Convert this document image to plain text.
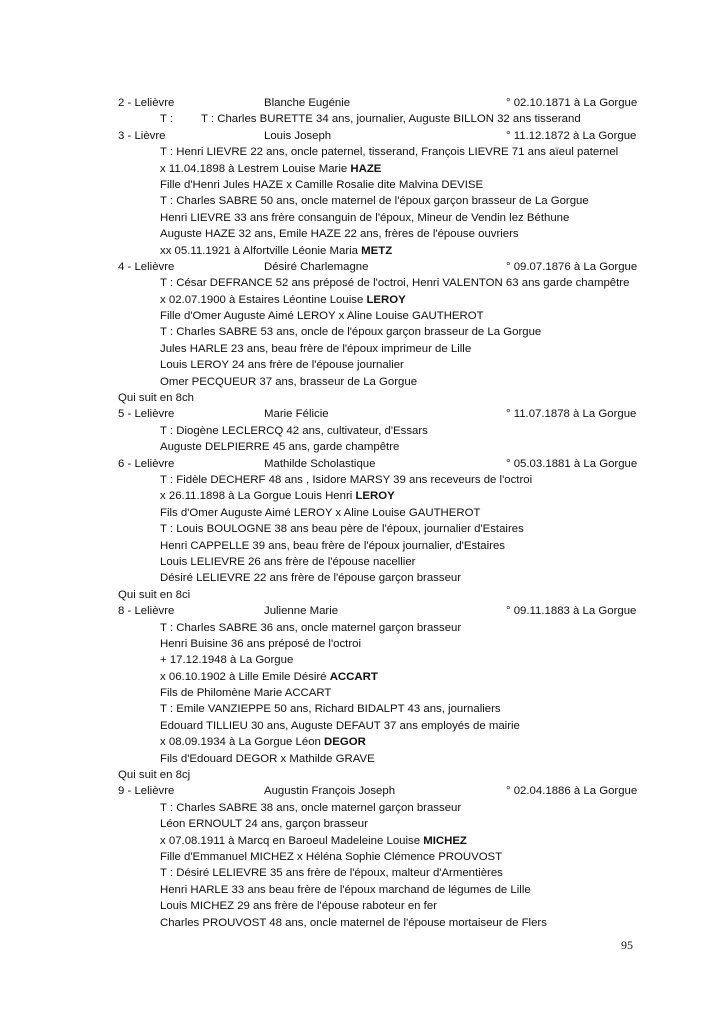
2 - Lelièvre	Blanche Eugénie	° 02.10.1871 à La Gorgue
T : T : Charles BURETTE 34 ans, journalier, Auguste BILLON 32 ans tisserand
3 - Lièvre	Louis Joseph	° 11.12.1872 à La Gorgue
T : Henri LIEVRE 22 ans, oncle paternel, tisserand, François LIEVRE 71 ans aïeul paternel
x 11.04.1898 à Lestrem Louise Marie HAZE
Fille d'Henri Jules HAZE x Camille Rosalie dite Malvina DEVISE
T : Charles SABRE 50 ans, oncle maternel de l'époux garçon brasseur de La Gorgue
Henri LIEVRE 33 ans frère consanguin de l'époux, Mineur de Vendin lez Béthune
Auguste HAZE 32 ans, Emile HAZE 22 ans, frères de l'épouse ouvriers
xx 05.11.1921 à Alfortville Léonie Maria METZ
4 - Lelièvre	Désiré Charlemagne	° 09.07.1876 à La Gorgue
T : César DEFRANCE 52 ans préposé de l'octroi, Henri VALENTON 63 ans garde champêtre
x 02.07.1900 à Estaires Léontine Louise LEROY
Fille d'Omer Auguste Aimé LEROY x Aline Louise GAUTHEROT
T : Charles SABRE 53 ans, oncle de l'époux garçon brasseur de La Gorgue
Jules HARLE 23 ans, beau frère de l'époux imprimeur de Lille
Louis LEROY 24 ans frère de l'épouse journalier
Omer PECQUEUR 37 ans, brasseur de La Gorgue
Qui suit en 8ch
5 - Lelièvre	Marie Félicie	° 11.07.1878 à La Gorgue
T : Diogène LECLERCQ 42 ans, cultivateur, d'Essars
Auguste DELPIERRE 45 ans, garde champêtre
6 - Lelièvre	Mathilde Scholastique	° 05.03.1881 à La Gorgue
T : Fidèle DECHERF 48 ans , Isidore MARSY 39 ans receveurs de l'octroi
x 26.11.1898 à La Gorgue Louis Henri LEROY
Fils d'Omer Auguste Aimé LEROY x Aline Louise GAUTHEROT
T : Louis BOULOGNE 38 ans beau père de l'époux, journalier d'Estaires
Henri CAPPELLE 39 ans, beau frère de l'époux journalier, d'Estaires
Louis LELIEVRE 26 ans frère de l'épouse nacellier
Désiré LELIEVRE 22 ans frère de l'épouse garçon brasseur
Qui suit en 8ci
8 - Lelièvre	Julienne Marie	° 09.11.1883 à La Gorgue
T : Charles SABRE 36 ans, oncle maternel garçon brasseur
Henri Buisine 36 ans préposé de l'octroi
+ 17.12.1948 à La Gorgue
x 06.10.1902 à Lille Emile Désiré ACCART
Fils de Philomène Marie ACCART
T : Emile VANZIEPPE 50 ans, Richard BIDALPT 43 ans, journaliers
Edouard TILLIEU 30 ans, Auguste DEFAUT 37 ans employés de mairie
x 08.09.1934 à La Gorgue Léon DEGOR
Fils d'Edouard DEGOR x Mathilde GRAVE
Qui suit en 8cj
9 - Lelièvre	Augustin François Joseph	° 02.04.1886 à La Gorgue
T : Charles SABRE 38 ans, oncle maternel garçon brasseur
Léon ERNOULT 24 ans, garçon brasseur
x 07.08.1911 à Marcq en Baroeul Madeleine Louise MICHEZ
Fille d'Emmanuel MICHEZ x Héléna Sophie Clémence PROUVOST
T : Désiré LELIEVRE 35 ans frère de l'époux, malteur d'Armentières
Henri HARLE 33 ans beau frère de l'époux marchand de légumes de Lille
Louis MICHEZ 29 ans frère de l'épouse raboteur en fer
Charles PROUVOST 48 ans, oncle maternel de l'épouse mortaiseur de Flers
95
